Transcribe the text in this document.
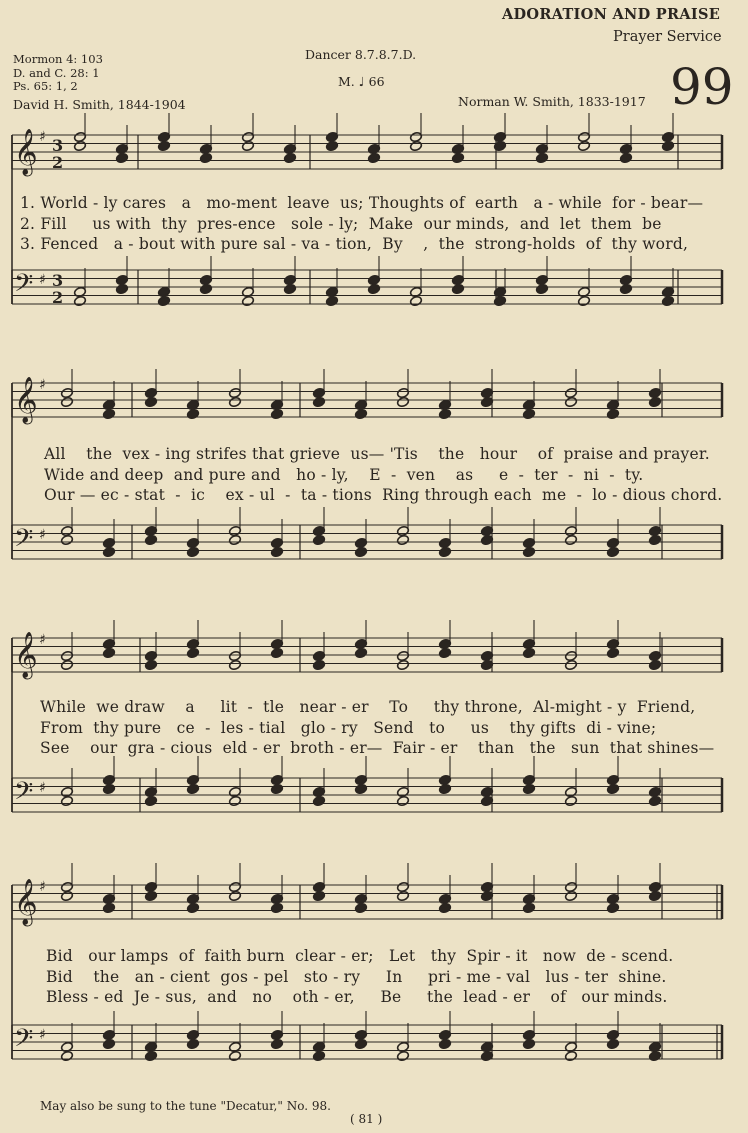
ADORATION AND PRAISE
Prayer Service
Mormon 4: 103
D. and C. 28: 1
Ps. 65: 1, 2
Dancer 8.7.8.7.D.
M. ♩ 66
David H. Smith, 1844-1904	Norman W. Smith, 1833-1917 99
𝄞 ♯ 3
2
𝄢 ♯ 3
2
𝄞 ♯
𝄢 ♯
𝄞 ♯
𝄢 ♯
𝄞 ♯
𝄢 ♯
1. World - ly cares   a   mo-ment  leave  us; Thoughts of  earth   a - while  for - bear—
2. Fill     us with  thy  pres-ence   sole - ly;  Make  our minds,  and  let  them  be
3. Fenced   a - bout with pure sal - va - tion,  By    ,  the  strong-holds  of  thy word,
All    the  vex - ing strifes that grieve  us— 'Tis    the   hour    of  praise and prayer.
Wide and deep  and pure and   ho - ly,    E  -  ven    as     e  -  ter  -  ni  -  ty.
Our — ec - stat  -  ic    ex - ul  -  ta - tions  Ring through each  me  -  lo - dious chord.
While  we draw    a     lit  -  tle   near - er    To     thy throne,  Al-might - y  Friend,
From  thy pure   ce  -  les - tial   glo - ry   Send   to     us    thy gifts  di - vine;
See    our  gra - cious  eld - er  broth - er—  Fair - er    than   the   sun  that shines—
Bid   our lamps  of  faith burn  clear - er;   Let   thy  Spir - it   now  de - scend.
Bid    the   an - cient  gos - pel   sto - ry     In     pri - me - val   lus - ter  shine.
Bless - ed  Je - sus,  and   no    oth - er,     Be     the  lead - er    of   our minds.
May also be sung to the tune "Decatur," No. 98.
( 81 )
